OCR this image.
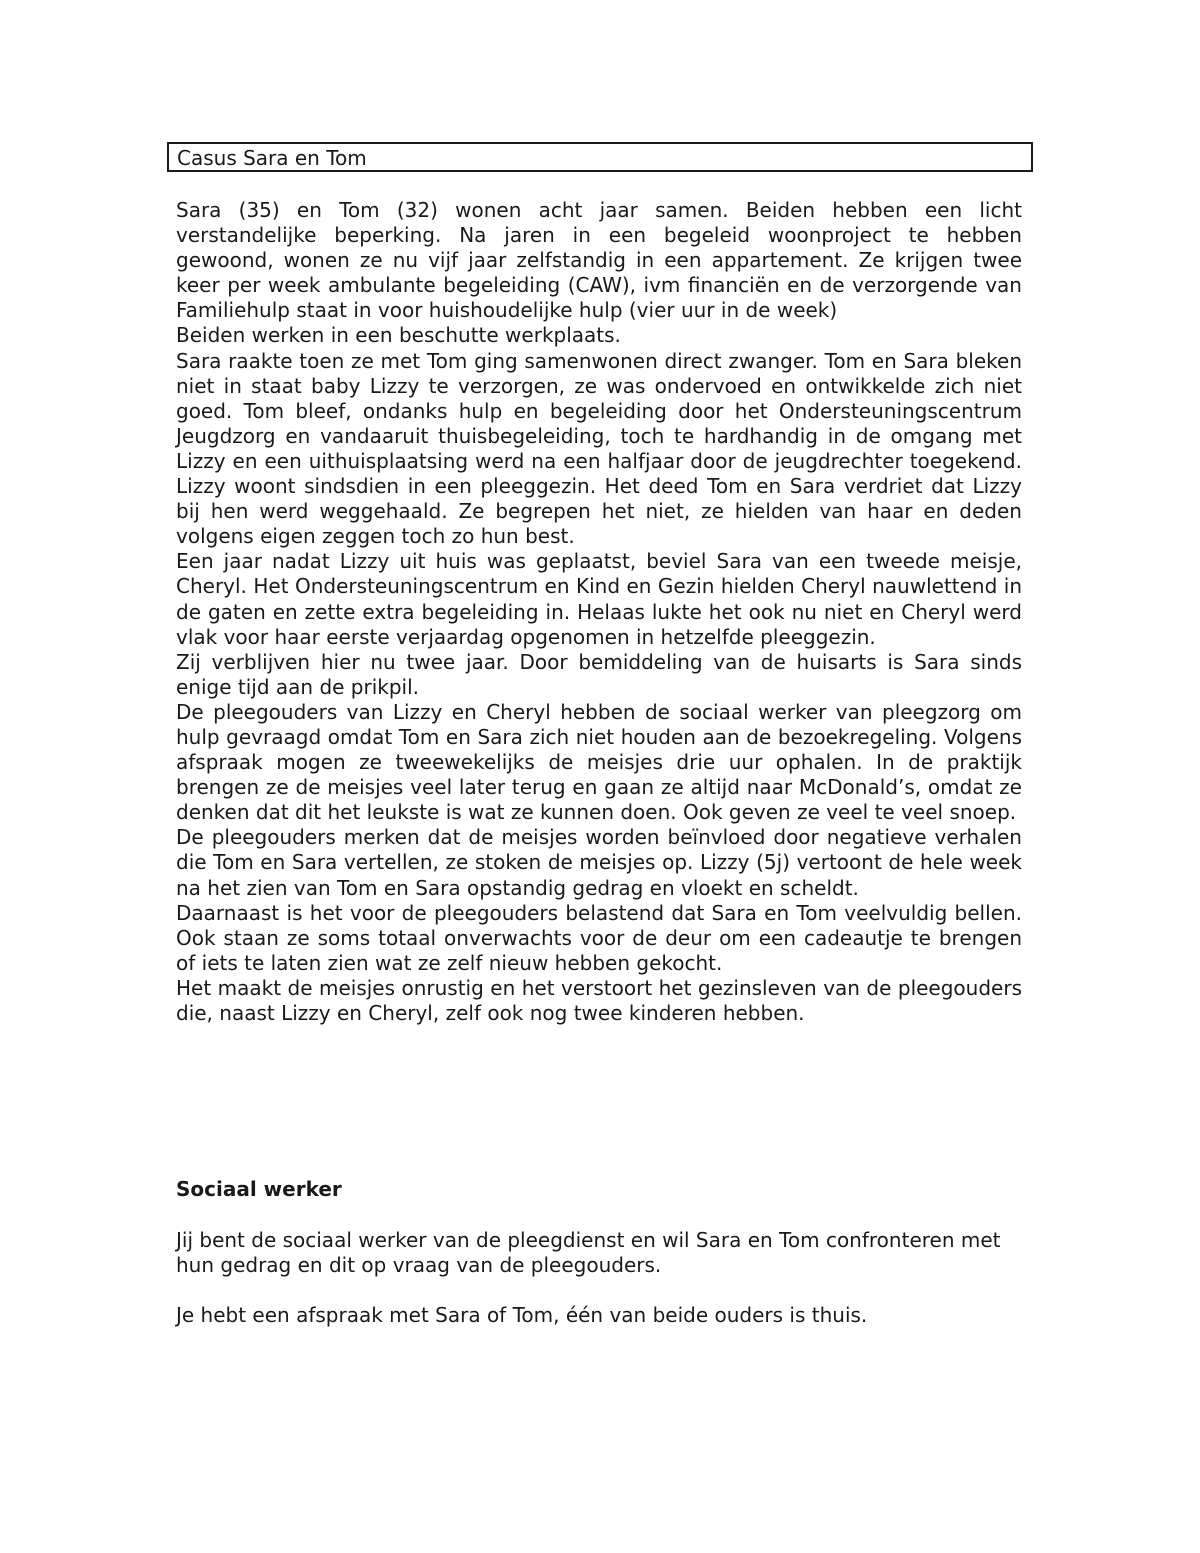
Casus Sara en Tom

Sara (35) en Tom (32) wonen acht jaar samen. Beiden hebben een licht verstandelijke beperking. Na jaren in een begeleid woonproject te hebben gewoond, wonen ze nu vijf jaar zelfstandig in een appartement. Ze krijgen twee keer per week ambulante begeleiding (CAW), ivm financiën en de verzorgende van Familiehulp staat in voor huishoudelijke hulp (vier uur in de week)

Beiden werken in een beschutte werkplaats.

Sara raakte toen ze met Tom ging samenwonen direct zwanger. Tom en Sara bleken niet in staat baby Lizzy te verzorgen, ze was ondervoed en ontwikkelde zich niet goed. Tom bleef, ondanks hulp en begeleiding door het Ondersteuningscentrum Jeugdzorg en vandaaruit thuisbegeleiding, toch te hardhandig in de omgang met Lizzy en een uithuisplaatsing werd na een halfjaar door de jeugdrechter toegekend. Lizzy woont sindsdien in een pleeggezin. Het deed Tom en Sara verdriet dat Lizzy bij hen werd weggehaald. Ze begrepen het niet, ze hielden van haar en deden volgens eigen zeggen toch zo hun best.

Een jaar nadat Lizzy uit huis was geplaatst, beviel Sara van een tweede meisje, Cheryl. Het Ondersteuningscentrum en Kind en Gezin hielden Cheryl nauwlettend in de gaten en zette extra begeleiding in. Helaas lukte het ook nu niet en Cheryl werd vlak voor haar eerste verjaardag opgenomen in hetzelfde pleeggezin.

Zij verblijven hier nu twee jaar. Door bemiddeling van de huisarts is Sara sinds enige tijd aan de prikpil.

De pleegouders van Lizzy en Cheryl hebben de sociaal werker van pleegzorg om hulp gevraagd omdat Tom en Sara zich niet houden aan de bezoekregeling. Volgens afspraak mogen ze tweewekelijks de meisjes drie uur ophalen. In de praktijk brengen ze de meisjes veel later terug en gaan ze altijd naar McDonald’s, omdat ze denken dat dit het leukste is wat ze kunnen doen. Ook geven ze veel te veel snoep.

De pleegouders merken dat de meisjes worden beïnvloed door negatieve verhalen die Tom en Sara vertellen, ze stoken de meisjes op. Lizzy (5j) vertoont de hele week na het zien van Tom en Sara opstandig gedrag en vloekt en scheldt.

Daarnaast is het voor de pleegouders belastend dat Sara en Tom veelvuldig bellen. Ook staan ze soms totaal onverwachts voor de deur om een cadeautje te brengen of iets te laten zien wat ze zelf nieuw hebben gekocht.

Het maakt de meisjes onrustig en het verstoort het gezinsleven van de pleegouders die, naast Lizzy en Cheryl, zelf ook nog twee kinderen hebben.

Sociaal werker

Jij bent de sociaal werker van de pleegdienst en wil Sara en Tom confronteren met hun gedrag en dit op vraag van de pleegouders.

Je hebt een afspraak met Sara of Tom, één van beide ouders is thuis.
